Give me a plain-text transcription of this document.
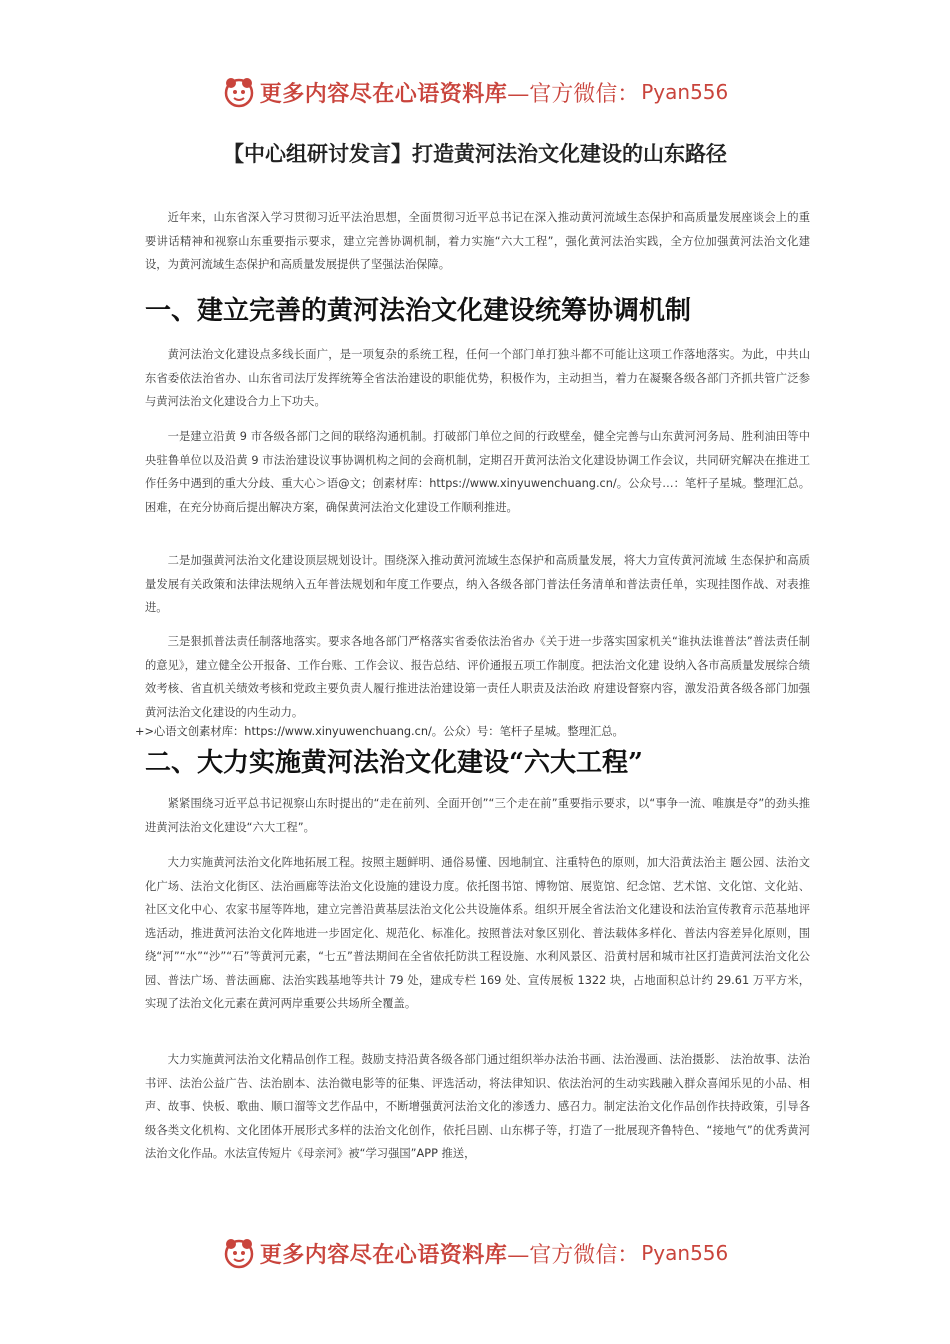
更多内容尽在心语资料库 —官方微信： Pyan556
【中心组研讨发言】打造黄河法治文化建设的山东路径

近年来，山东省深入学习贯彻习近平法治思想，全面贯彻习近平总书记在深入推动黄河流域生态保护和高质量发展座谈会上的重要讲话精神和视察山东重要指示要求，建立完善协调机制，着力实施“六大工程”，强化黄河法治实践，全方位加强黄河法治文化建设，为黄河流域生态保护和高质量发展提供了坚强法治保障。

一、建立完善的黄河法治文化建设统筹协调机制

黄河法治文化建设点多线长面广，是一项复杂的系统工程，任何一个部门单打独斗都不可能让这项工作落地落实。为此，中共山东省委依法治省办、山东省司法厅发挥统筹全省法治建设的职能优势，积极作为，主动担当，着力在凝聚各级各部门齐抓共管广泛参与黄河法治文化建设合力上下功夫。

一是建立沿黄 9 市各级各部门之间的联络沟通机制。打破部门单位之间的行政壁垒，健全完善与山东黄河河务局、胜利油田等中央驻鲁单位以及沿黄 9 市法治建设议事协调机构之间的会商机制，定期召开黄河法治文化建设协调工作会议，共同研究解决在推进工作任务中遇到的重大分歧、重大心＞语@文；创素材库：https://www.xinyuwenchuang.cn/。公众号…：笔杆子星城。整理汇总。困难，在充分协商后提出解决方案，确保黄河法治文化建设工作顺利推进。

二是加强黄河法治文化建设顶层规划设计。围绕深入推动黄河流域生态保护和高质量发展，将大力宣传黄河流域 生态保护和高质量发展有关政策和法律法规纳入五年普法规划和年度工作要点，纳入各级各部门普法任务清单和普法责任单，实现挂图作战、对表推进。

三是狠抓普法责任制落地落实。要求各地各部门严格落实省委依法治省办《关于进一步落实国家机关“谁执法谁普法”普法责任制的意见》，建立健全公开报备、工作台账、工作会议、报告总结、评价通报五项工作制度。把法治文化建 设纳入各市高质量发展综合绩效考核、省直机关绩效考核和党政主要负责人履行推进法治建设第一责任人职责及法治政 府建设督察内容，激发沿黄各级各部门加强黄河法治文化建设的内生动力。

+>心语文创素材库：https://www.xinyuwenchuang.cn/。公众）号：笔杆子星城。整理汇总。
二、大力实施黄河法治文化建设“六大工程”

紧紧围绕习近平总书记视察山东时提出的“走在前列、全面开创”“三个走在前”重要指示要求，以“事争一流、唯旗是夺”的劲头推进黄河法治文化建设“六大工程”。

大力实施黄河法治文化阵地拓展工程。按照主题鲜明、通俗易懂、因地制宜、注重特色的原则，加大沿黄法治主 题公园、法治文化广场、法治文化街区、法治画廊等法治文化设施的建设力度。依托图书馆、博物馆、展览馆、纪念馆、艺术馆、文化馆、文化站、社区文化中心、农家书屋等阵地，建立完善沿黄基层法治文化公共设施体系。组织开展全省法治文化建设和法治宣传教育示范基地评选活动，推进黄河法治文化阵地进一步固定化、规范化、标准化。按照普法对象区别化、普法载体多样化、普法内容差异化原则，围绕“河”“水”“沙”“石”等黄河元素，“七五”普法期间在全省依托防洪工程设施、水利风景区、沿黄村居和城市社区打造黄河法治文化公园、普法广场、普法画廊、法治实践基地等共计 79 处，建成专栏 169 处、宣传展板 1322 块，占地面积总计约 29.61 万平方米，实现了法治文化元素在黄河两岸重要公共场所全覆盖。

大力实施黄河法治文化精品创作工程。鼓励支持沿黄各级各部门通过组织举办法治书画、法治漫画、法治摄影、 法治故事、法治书评、法治公益广告、法治剧本、法治微电影等的征集、评选活动，将法律知识、依法治河的生动实践融入群众喜闻乐见的小品、相声、故事、快板、歌曲、顺口溜等文艺作品中，不断增强黄河法治文化的渗透力、感召力。制定法治文化作品创作扶持政策，引导各级各类文化机构、文化团体开展形式多样的法治文化创作，依托吕剧、山东梆子等，打造了一批展现齐鲁特色、“接地气”的优秀黄河法治文化作品。水法宣传短片《母亲河》被“学习强国”APP 推送，

更多内容尽在心语资料库 —官方微信： Pyan556
